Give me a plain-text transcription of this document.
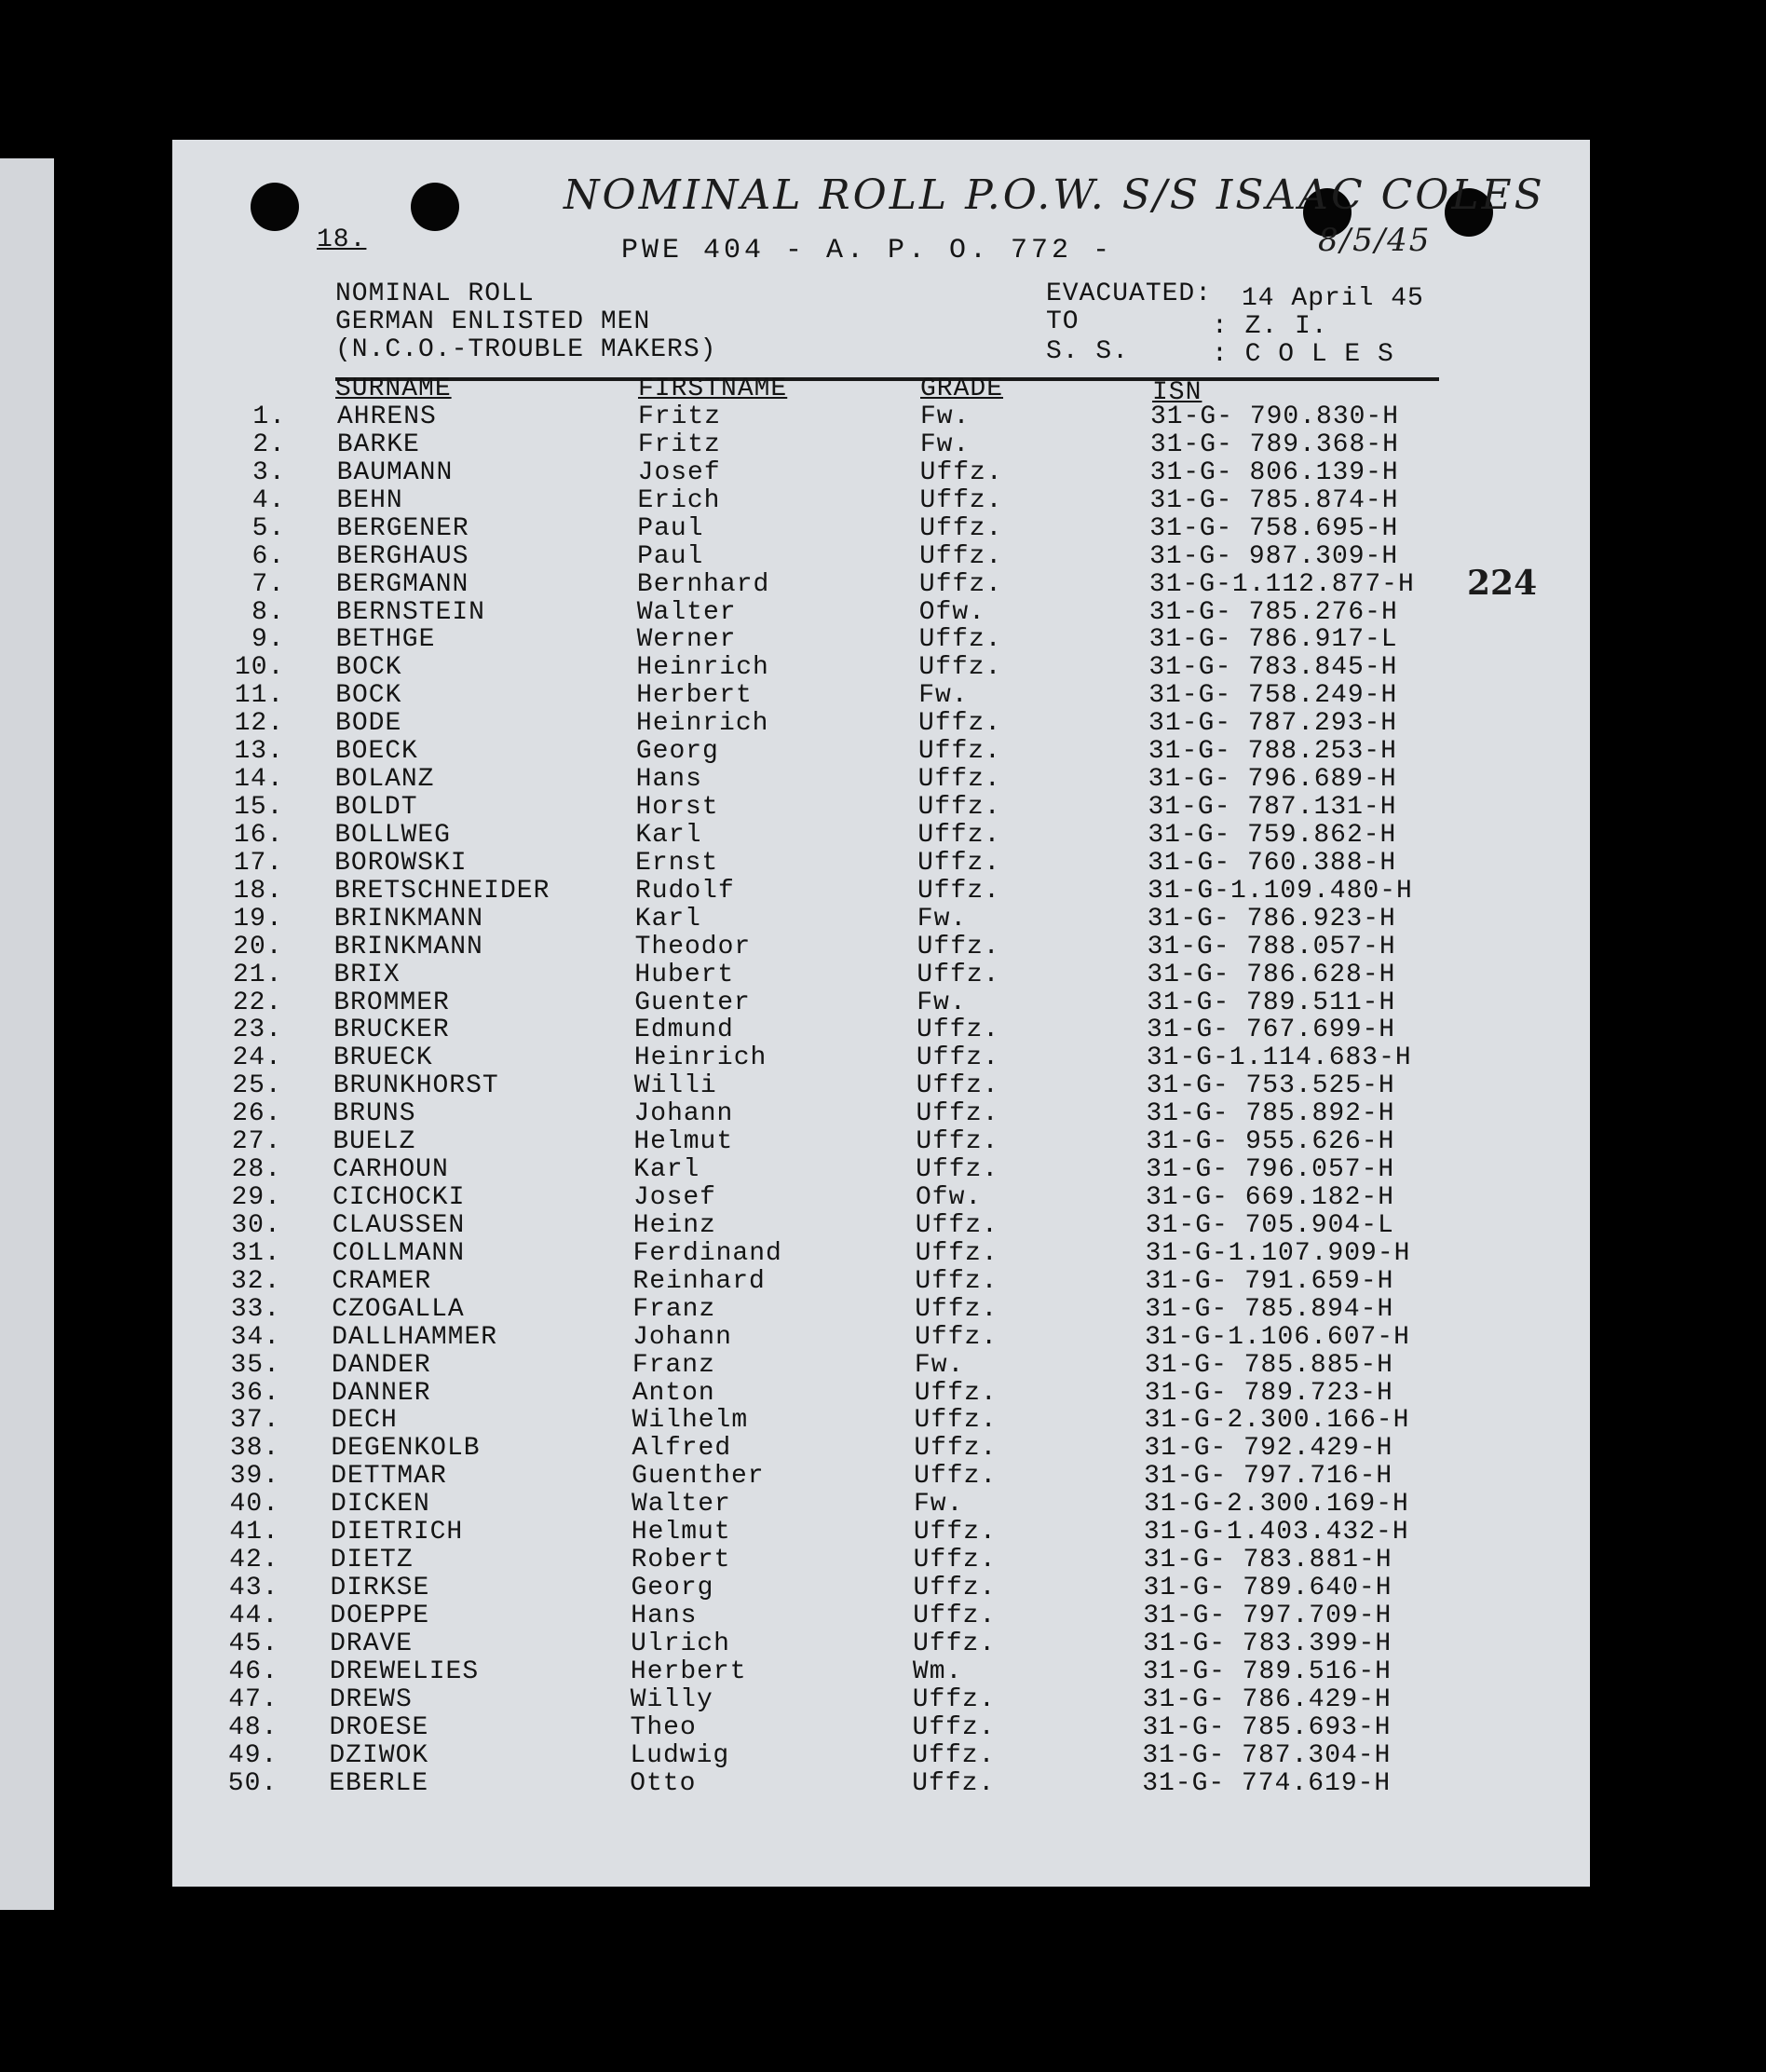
NOMINAL ROLL P.O.W. S/S ISAAC COLES
8/5/45
18.	PWE 404 - A. P. O. 772 -
224
NOMINAL ROLL
GERMAN ENLISTED MEN
(N.C.O.-TROUBLE MAKERS)
EVACUATED: 14 April 45
TO	: Z. I.
S. S.	: C O L E S
SURNAME	FIRSTNAME	GRADE	ISN
1. AHRENS	Fritz	Fw.	31-G- 790.830-H
2. BARKE	Fritz	Fw.	31-G- 789.368-H
3. BAUMANN	Josef	Uffz.	31-G- 806.139-H
4. BEHN	Erich	Uffz.	31-G- 785.874-H
5. BERGENER	Paul	Uffz.	31-G- 758.695-H
6. BERGHAUS	Paul	Uffz.	31-G- 987.309-H
7. BERGMANN	Bernhard	Uffz.	31-G-1.112.877-H
8. BERNSTEIN	Walter	Ofw.	31-G- 785.276-H
9. BETHGE	Werner	Uffz.	31-G- 786.917-L
10. BOCK	Heinrich	Uffz.	31-G- 783.845-H
11. BOCK	Herbert	Fw.	31-G- 758.249-H
12. BODE	Heinrich	Uffz.	31-G- 787.293-H
13. BOECK	Georg	Uffz.	31-G- 788.253-H
14. BOLANZ	Hans	Uffz.	31-G- 796.689-H
15. BOLDT	Horst	Uffz.	31-G- 787.131-H
16. BOLLWEG	Karl	Uffz.	31-G- 759.862-H
17. BOROWSKI	Ernst	Uffz.	31-G- 760.388-H
18. BRETSCHNEIDER	Rudolf	Uffz.	31-G-1.109.480-H
19. BRINKMANN	Karl	Fw.	31-G- 786.923-H
20. BRINKMANN	Theodor	Uffz.	31-G- 788.057-H
21. BRIX	Hubert	Uffz.	31-G- 786.628-H
22. BROMMER	Guenter	Fw.	31-G- 789.511-H
23. BRUCKER	Edmund	Uffz.	31-G- 767.699-H
24. BRUECK	Heinrich	Uffz.	31-G-1.114.683-H
25. BRUNKHORST	Willi	Uffz.	31-G- 753.525-H
26. BRUNS	Johann	Uffz.	31-G- 785.892-H
27. BUELZ	Helmut	Uffz.	31-G- 955.626-H
28. CARHOUN	Karl	Uffz.	31-G- 796.057-H
29. CICHOCKI	Josef	Ofw.	31-G- 669.182-H
30. CLAUSSEN	Heinz	Uffz.	31-G- 705.904-L
31. COLLMANN	Ferdinand	Uffz.	31-G-1.107.909-H
32. CRAMER	Reinhard	Uffz.	31-G- 791.659-H
33. CZOGALLA	Franz	Uffz.	31-G- 785.894-H
34. DALLHAMMER	Johann	Uffz.	31-G-1.106.607-H
35. DANDER	Franz	Fw.	31-G- 785.885-H
36. DANNER	Anton	Uffz.	31-G- 789.723-H
37. DECH	Wilhelm	Uffz.	31-G-2.300.166-H
38. DEGENKOLB	Alfred	Uffz.	31-G- 792.429-H
39. DETTMAR	Guenther	Uffz.	31-G- 797.716-H
40. DICKEN	Walter	Fw.	31-G-2.300.169-H
41. DIETRICH	Helmut	Uffz.	31-G-1.403.432-H
42. DIETZ	Robert	Uffz.	31-G- 783.881-H
43. DIRKSE	Georg	Uffz.	31-G- 789.640-H
44. DOEPPE	Hans	Uffz.	31-G- 797.709-H
45. DRAVE	Ulrich	Uffz.	31-G- 783.399-H
46. DREWELIES	Herbert	Wm.	31-G- 789.516-H
47. DREWS	Willy	Uffz.	31-G- 786.429-H
48. DROESE	Theo	Uffz.	31-G- 785.693-H
49. DZIWOK	Ludwig	Uffz.	31-G- 787.304-H
50. EBERLE	Otto	Uffz.	31-G- 774.619-H
